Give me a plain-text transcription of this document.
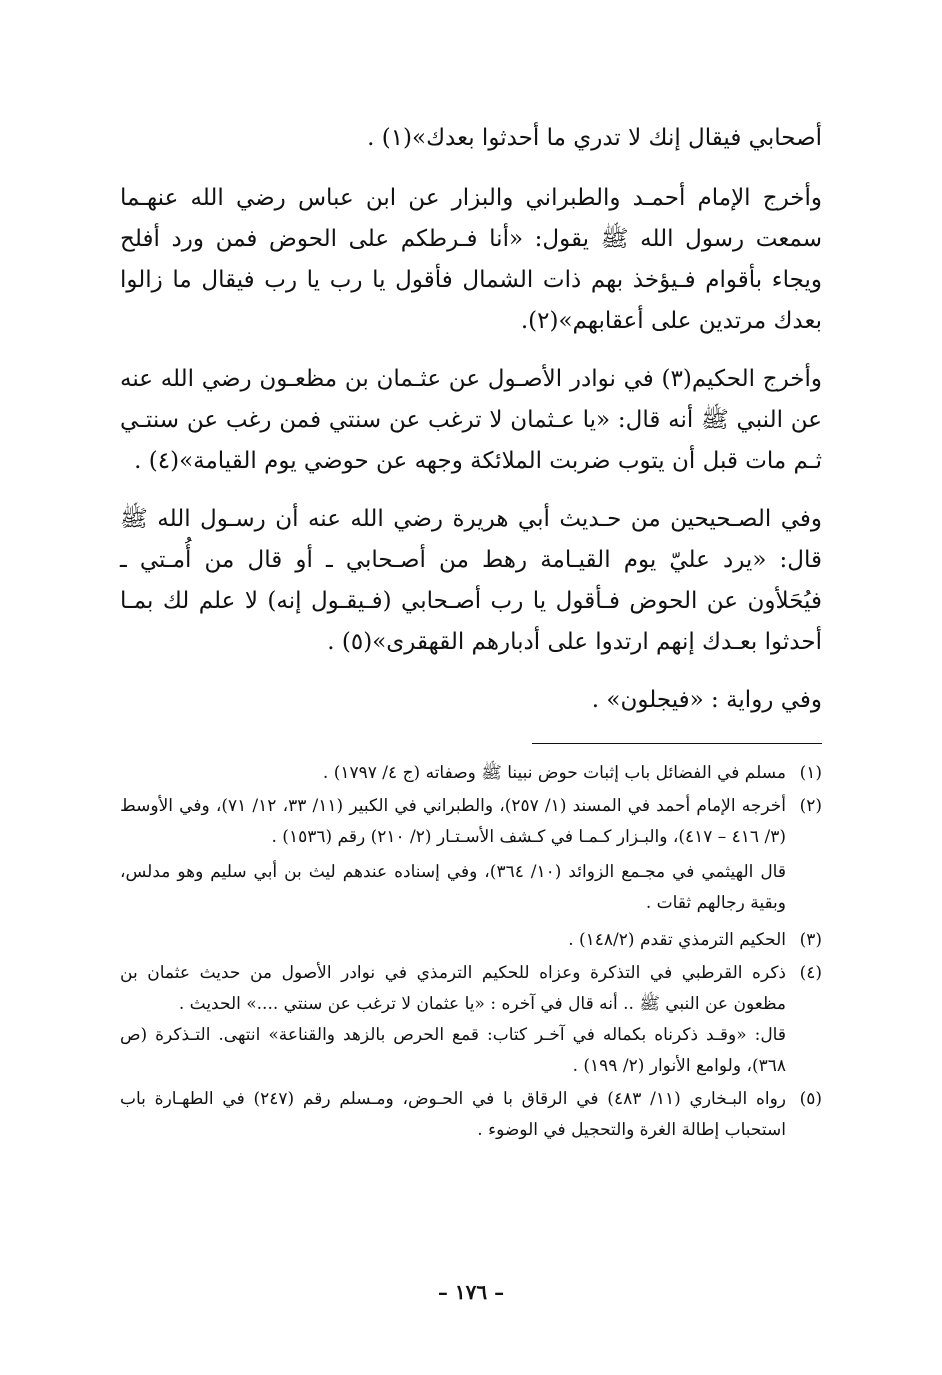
أصحابي فيقال إنك لا تدري ما أحدثوا بعدك»(١) .

وأخرج الإمام أحمـد والطبراني والبزار عن ابن عباس رضي الله عنهـما سمعت رسول الله ﷺ يقول: «أنا فـرطكم على الحوض فمن ورد أفلح ويجاء بأقوام فـيؤخذ بهم ذات الشمال فأقول يا رب يا رب فيقال ما زالوا بعدك مرتدين على أعقابهم»(٢).

وأخرج الحكيم(٣) في نوادر الأصـول عن عثـمان بن مظعـون رضي الله عنه عن النبي ﷺ أنه قال: «يا عـثمان لا ترغب عن سنتي فمن رغب عن سنتـي ثـم مات قبل أن يتوب ضربت الملائكة وجهه عن حوضي يوم القيامة»(٤) .

وفي الصـحيحين من حـديث أبي هريرة رضي الله عنه أن رسـول الله ﷺ قال: «يرد عليّ يوم القيـامة رهط من أصـحابي ـ أو قال من أُمـتي ـ فيُحَلأون عن الحوض فـأقول يا رب أصـحابي (فـيقـول إنه) لا علم لك بمـا أحدثوا بعـدك إنهم ارتدوا على أدبارهم القهقرى»(٥) .

وفي رواية : «فيجلون» .

(١)
مسلم في الفضائل باب إثبات حوض نبينا ﷺ وصفاته (ج ٤/ ١٧٩٧) .
(٢)
أخرجه الإمام أحمد في المسند (١/ ٢٥٧)، والطبراني في الكبير (١١/ ٣٣، ١٢/ ٧١)، وفي الأوسط (٣/ ٤١٦ – ٤١٧)، والبـزار كـمـا في كـشف الأسـتـار (٢/ ٢١٠) رقم (١٥٣٦) .
قال الهيثمي في مجـمع الزوائد (١٠/ ٣٦٤)، وفي إسناده عندهم ليث بن أبي سليم وهو مدلس، وبقية رجالهم ثقات .
(٣)
الحكيم الترمذي تقدم (١٤٨/٢) .
(٤)
ذكره القرطبي في التذكرة وعزاه للحكيم الترمذي في نوادر الأصول من حديث عثمان بن مظعون عن النبي ﷺ .. أنه قال في آخره : «يا عثمان لا ترغب عن سنتي ....» الحديث .
قال: «وقـد ذكرناه بكماله في آخـر كتاب: قمع الحرص بالزهد والقناعة» انتهى. التـذكرة (ص ٣٦٨)، ولوامع الأنوار (٢/ ١٩٩) .
(٥)
رواه البـخاري (١١/ ٤٨٣) في الرقاق با في الحـوض، ومـسلم رقم (٢٤٧) في الطهـارة باب استحباب إطالة الغرة والتحجيل في الوضوء .
– ١٧٦ –
